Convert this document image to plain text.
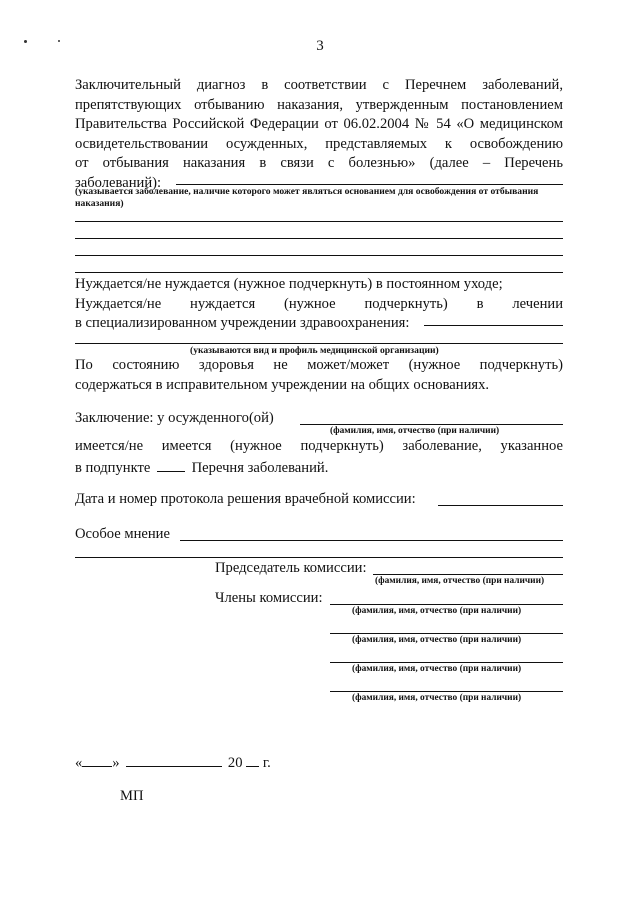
3
Заключительный диагноз в соответствии с Перечнем заболеваний,
препятствующих отбыванию наказания, утвержденным постановлением
Правительства Российской Федерации от 06.02.2004 № 54 «О медицинском
освидетельствовании осужденных, представляемых к освобождению
от отбывания наказания в связи с болезнью» (далее – Перечень
заболеваний):
(указывается заболевание, наличие которого может являться основанием для освобождения от отбывания
наказания)
Нуждается/не нуждается (нужное подчеркнуть) в постоянном уходе;
Нуждается/не нуждается (нужное подчеркнуть) в лечении
в специализированном учреждении здравоохранения:
(указываются вид и профиль медицинской организации)
По состоянию здоровья не может/может (нужное подчеркнуть)
содержаться в исправительном учреждении на общих основаниях.
Заключение: у осужденного(ой)
(фамилия, имя, отчество (при наличии)
имеется/не имеется (нужное подчеркнуть) заболевание, указанное
в подпункте	Перечня заболеваний.
Дата и номер протокола решения врачебной комиссии:
Особое мнение
Председатель комиссии:
(фамилия, имя, отчество (при наличии)
Члены комиссии:
(фамилия, имя, отчество (при наличии)
(фамилия, имя, отчество (при наличии)
(фамилия, имя, отчество (при наличии)
(фамилия, имя, отчество (при наличии)
« »	20 г.
МП
